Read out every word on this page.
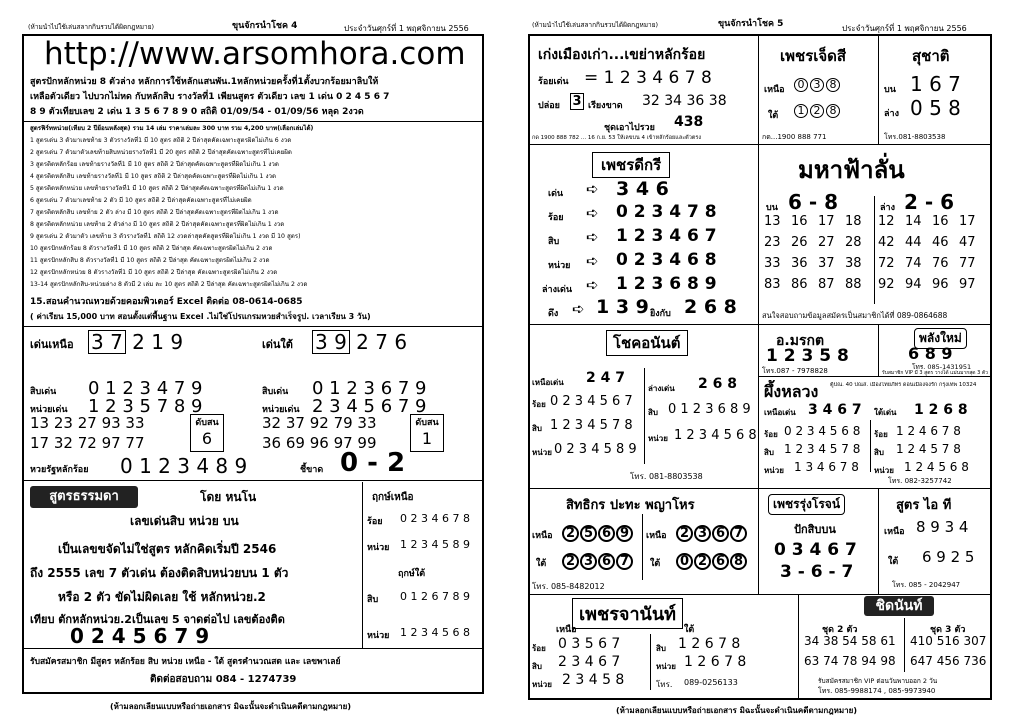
(ห้ามนำไปใช้เล่นสลากกินรวบได้ผิดกฎหมาย)	ขุนจักรนำโชค 4	ประจำวันศุกร์ที่ 1 พฤศจิกายน 2556
http://www.arsomhora.com
สูตรปักหลักหน่วย 8 ตัวล่าง หลักการใช้หลักแสนพัน.1หลักหน่วยครั้งที่1ตั้งบวกร้อยมาลิบให้
เหลือตัวเดียว ไปบวกไม่หด กับหลักสิบ รางวัลที่1 เพียนสูตร ตัวเดียว เลข 1 เด่น 0 2 4 5 6 7
8 9 ตัวเทียบเลข 2 เด่น 1 3 5 6 7 8 9 0 สถิติ 01/09/54 - 01/09/56 หลุด 2งวด
สูตรฟิร์ทหน่วย(เทียบ 2 ปีย้อนหลังสุด) รวม 14 เล่ม ราคาเล่มละ 300 บาท รวม 4,200 บาท(เลือกเล่มได้)
1 สูตรเด่น 3 ตัวมาเลขท้าย 3 ตัวรางวัลที่1 มี 10 สูตร สถิติ 2 ปีล่าสุดคัดเฉพาะสูตรผิดไม่เกิน 6 งวด
2 สูตรเด่น 7 ตัวมาตัวเลขท้ายสิบหน่วยรางวัลที่1 มี 20 สูตร สถิติ 2 ปีล่าสุดคัดเฉพาะสูตรที่ไม่เคยผิด
3 สูตรติดหลักร้อย เลขท้ายรางวัลที่1 มี 10 สูตร สถิติ 2 ปีล่าสุดคัดเฉพาะสูตรที่ผิดไม่เกิน 1 งวด
4 สูตรติดหลักสิบ เลขท้ายรางวัลที่1 มี 10 สูตร สถิติ 2 ปีล่าสุดคัดเฉพาะสูตรที่ผิดไม่เกิน 1 งวด
5 สูตรติดหลักหน่วย เลขท้ายรางวัลที่1 มี 10 สูตร สถิติ 2 ปีล่าสุดคัดเฉพาะสูตรที่ผิดไม่เกิน 1 งวด
6 สูตรเด่น 7 ตัวมาเลขท้าย 2 ตัว มี 10 สูตร สถิติ 2 ปีล่าสุดคัดเฉพาะสูตรที่ไม่เคยผิด
7 สูตรติดหลักสิบ เลขท้าย 2 ตัว ล่าง มี 10 สูตร สถิติ 2 ปีล่าสุดคัดเฉพาะสูตรที่ผิดไม่เกิน 1 งวด
8 สูตรติดหลักหน่วย เลขท้าย 2 ตัวล่าง มี 10 สูตร สถิติ 2 ปีล่าสุดคัดเฉพาะสูตรที่ผิดไม่เกิน 1 งวด
9 สูตรเด่น 2 ตัวมาตัว เลขท้าย 3 ตัวรางวัลที่1 สถิติ 12 งวดล่าสุดคัดสูตรที่ผิดไม่เกิน 1 งวด มี 10 สูตร)
10 สูตรปักหลักร้อย 8 ตัวรางวัลที่1 มี 10 สูตร สถิติ 2 ปีล่าสุด คัดเฉพาะสูตรผิดไม่เกิน 2 งวด
11 สูตรปักหลักสิบ 8 ตัวรางวัลที่1 มี 10 สูตร สถิติ 2 ปีล่าสุด คัดเฉพาะสูตรผิดไม่เกิน 2 งวด
12 สูตรปักหลักหน่วย 8 ตัวรางวัลที่1 มี 10 สูตร สถิติ 2 ปีล่าสุด คัดเฉพาะสูตรผิดไม่เกิน 2 งวด
13-14 สูตรปักหลักสิบ-หน่วยล่าง 8 ตัวมี 2 เล่ม ละ 10 สูตร สถิติ 2 ปีล่าสุด คัดเฉพาะสูตรผิดไม่เกิน 2 งวด
15.สอนคำนวณหวยด้วยคอมพิวเตอร์ Excel ติดต่อ 08-0614-0685
( ค่าเรียน 15,000 บาท สอนตั้งแต่พื้นฐาน Excel .ไม่ใช่โปรแกรมหวยสำเร็จรูป. เวลาเรียน 3 วัน)
เด่นเหนือ 3 7 2 1 9	เด่นใต้ 3 9 2 7 6
สิบเด่น 0 1 2 3 4 7 9
หน่วยเด่น 1 2 3 5 7 8 9
13 23 27 93 33
17 32 72 97 77
ดับสน
6
สิบเด่น 0 1 2 3 6 7 9
หน่วยเด่น 2 3 4 5 6 7 9
32 37 92 79 33
36 69 96 97 99
ดับสน
1
หวยรัฐหลักร้อย 0 1 2 3 4 8 9	ชี้ขาด 0 - 2
สูตรธรรมดา	โดย หนโน	ฤกษ์เหนือ
เลขเด่นสิบ หน่วย บน
เป็นเลขขจัดไม่ใช่สูตร หลักคิดเริ่มปี 2546
ถึง 2555 เลข 7 ตัวเด่น ต้องติดสิบหน่วยบน 1 ตัว
หรือ 2 ตัว ขัดไม่ผิดเลย ใช้ หลักหน่วย.2
เทียบ ตักหลักหน่วย.2เป็นเลข 5 จาดต่อไป เลขต้องติด
0 2 4 5 6 7 9
ร้อย 0 2 3 4 6 7 8
หน่วย 1 2 3 4 5 8 9
ฤกษ์ใต้
สิบ 0 1 2 6 7 8 9
หน่วย 1 2 3 4 5 6 8
รับสมัครสมาชิก มีสูตร หลักร้อย สิบ หน่วย เหนือ - ใต้ สูตรคำนวณสด และ เลขพาเลย์
ติดต่อสอบถาม 084 - 1274739
(ห้ามลอกเลียนแบบหรือถ่ายเอกสาร มิฉะนั้นจะดำเนินคดีตามกฎหมาย)
(ห้ามนำไปใช้เล่นสลากกินรวบได้ผิดกฎหมาย)	ขุนจักรนำโชค 5	ประจำวันศุกร์ที่ 1 พฤศจิกายน 2556
เก่งเมืองเก่า...เขย่าหลักร้อย
ร้อยเด่น = 1 2 3 4 6 7 8
ปล่อย 3 เรียงขาด 32 34 36 38
ชุดเอาไปรวย 438
กด 1900 888 782 ... 16 ก.ย. 53 ให้เลขบน 4 เข้าหลักร้อยและตัวตรง
เพชรเจ็ดสี
เหนือ	0 3 8
ใต้	1 2 8
กด...1900 888 771
สุชาติ
บน 1 6 7
ล่าง 0 5 8
โทร.081-8803538
เพชรดีกรี
เด่น ➪ 3 4 6
ร้อย ➪	0 2 3 4 7 8
สิบ ➪	1 2 3 4 6 7
หน่วย ➪	0 2 3 4 6 8
ล่างเด่น ➪	1 2 3 6 8 9
ดึง ➪ 1 3 9 ยิงกับ 2 6 8
มหาฟ้าลั่น
บน 6 - 8	ล่าง 2 - 6
13 16 17 18
23 26 27 28
33 36 37 38
83 86 87 88
12 14 16 17
42 44 46 47
72 74 76 77
92 94 96 97
สนใจสอบถามข้อมูลสมัครเป็นสมาชิกได้ที่ 089-0864688
โชคอนันต์
เหนือเด่น 2 4 7
ร้อย 0 2 3 4 5 6 7
สิบ 1 2 3 4 5 7 8
หน่วย 0 2 3 4 5 8 9
ล่างเด่น 2 6 8
สิบ 0 1 2 3 6 8 9
หน่วย 1 2 3 4 5 6 8
โทร. 081-8803538
อ.มรกต
1 2 3 5 8
โทร.087 - 7978828
พลังใหม่
6 8 9
โทร. 085-1431951
รับสมาชิก VIP มี 3 สูตร วางได้ แม่นมากสุด 3 ตัว
ผึ้งหลวง ตู้ปณ. 40 ปณส. เมืองไทยภัทร ดอนเมืองจงรัก กรุงเทพ 10324
เหนือเด่น 3 4 6 7 ใต้เด่น 1 2 6 8
ร้อย 0 2 3 4 5 6 8
สิบ 1 2 3 4 5 7 8
หน่วย 1 3 4 6 7 8
ร้อย 1 2 4 6 7 8
สิบ 1 2 4 5 7 8
หน่วย 1 2 4 5 6 8
โทร. 082-3257742
สิทธิกร ปะทะ พญาโหร
เหนือ	2 5 6 9
ใต้	2 3 6 7
เหนือ	2 3 6 7
ใต้	0 2 6 8
โทร. 085-8482012
เพชรรุ่งโรจน์
ปักสิบบน
0 3 4 6 7
3 - 6 - 7
สูตร ไอ ที
เหนือ 8 9 3 4
ใต้ 6 9 2 5
โทร. 085 - 2042947
เพชรจานันท์
เหนือ	ใต้
ร้อย 0 3 5 6 7
สิบ 2 3 4 6 7
หน่วย 2 3 4 5 8
สิบ 1 2 6 7 8
หน่วย 1 2 6 7 8
โทร. 089-0256133
ชิดนันท์
ชุด 2 ตัว	ชุด 3 ตัว
34 38 54 58 61
63 74 78 94 98
410 516 307
647 456 736
รับสมัครสมาชิก VIP ต่อนวันพาบออก 2 วัน
โทร. 085-9988174 , 085-9973940
(ห้ามลอกเลียนแบบหรือถ่ายเอกสาร มิฉะนั้นจะดำเนินคดีตามกฎหมาย)
